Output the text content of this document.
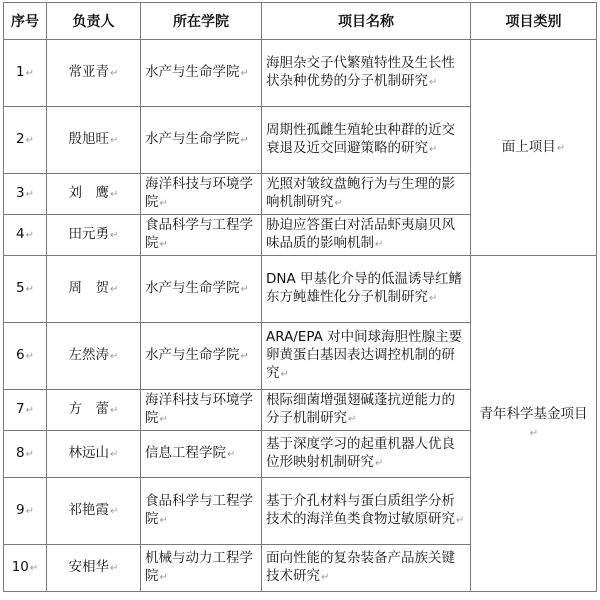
序号	负责人	所在学院	项目名称	项目类别
1↵	常亚青↵	水产与生命学院↵	海胆杂交子代繁殖特性及生长性状杂种优势的分子机制研究↵	面上项目↵
2↵	殷旭旺↵	水产与生命学院↵	周期性孤雌生殖轮虫种群的近交衰退及近交回避策略的研究↵	
3↵	刘　鹰↵	海洋科技与环境学院↵	光照对皱纹盘鲍行为与生理的影响机制研究↵	
4↵	田元勇↵	食品科学与工程学院↵	胁迫应答蛋白对活品虾夷扇贝风味品质的影响机制↵	
5↵	周　贺↵	水产与生命学院↵	DNA 甲基化介导的低温诱导红鳍东方鲀雄性化分子机制研究↵	青年科学基金项目↵
6↵	左然涛↵	水产与生命学院↵	ARA/EPA 对中间球海胆性腺主要卵黄蛋白基因表达调控机制的研究↵	
7↵	方　蕾↵	海洋科技与环境学院↵	根际细菌增强翅碱蓬抗逆能力的分子机制研究↵	
8↵	林远山↵	信息工程学院↵	基于深度学习的起重机器人优良位形映射机制研究↵	
9↵	祁艳霞↵	食品科学与工程学院↵	基于介孔材料与蛋白质组学分析技术的海洋鱼类食物过敏原研究↵	
10↵	安相华↵	机械与动力工程学院↵	面向性能的复杂装备产品族关键技术研究↵	
